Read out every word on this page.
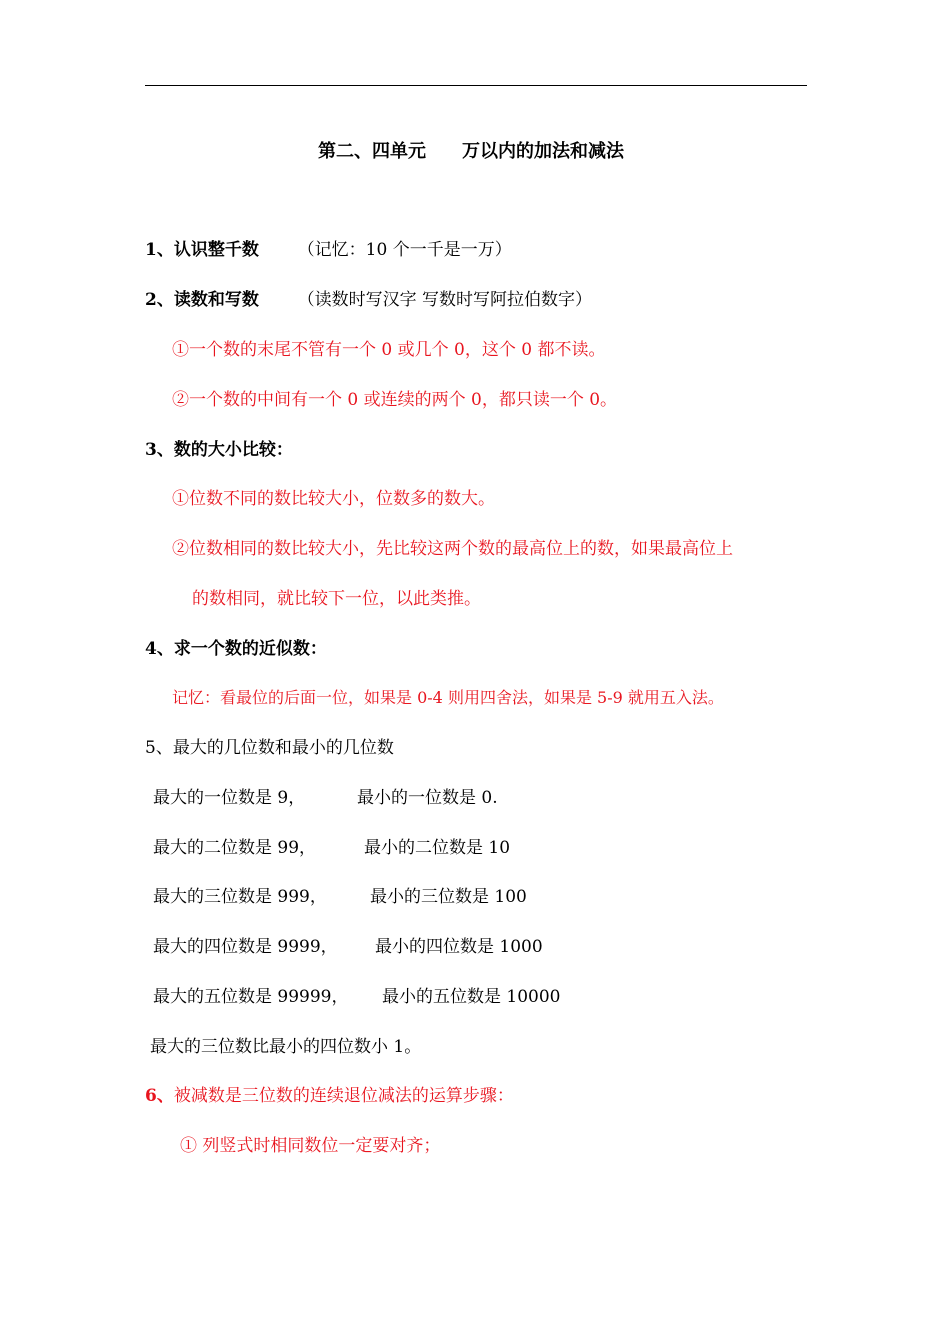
第二、四单元　　万以内的加法和减法
1、认识整千数 （记忆：10 个一千是一万）
2、读数和写数 （读数时写汉字 写数时写阿拉伯数字）
①一个数的末尾不管有一个 0 或几个 0，这个 0 都不读。
②一个数的中间有一个 0 或连续的两个 0，都只读一个 0。
3、数的大小比较：
①位数不同的数比较大小，位数多的数大。
②位数相同的数比较大小，先比较这两个数的最高位上的数，如果最高位上
的数相同，就比较下一位，以此类推。
4、求一个数的近似数：
记忆：看最位的后面一位，如果是 0-4 则用四舍法，如果是 5-9 就用五入法。
5、最大的几位数和最小的几位数
最大的一位数是 9，	最小的一位数是 0.
最大的二位数是 99，	最小的二位数是 10
最大的三位数是 999，	最小的三位数是 100
最大的四位数是 9999， 最小的四位数是 1000
最大的五位数是 99999， 最小的五位数是 10000
最大的三位数比最小的四位数小 1。
6、被减数是三位数的连续退位减法的运算步骤：
① 列竖式时相同数位一定要对齐；
